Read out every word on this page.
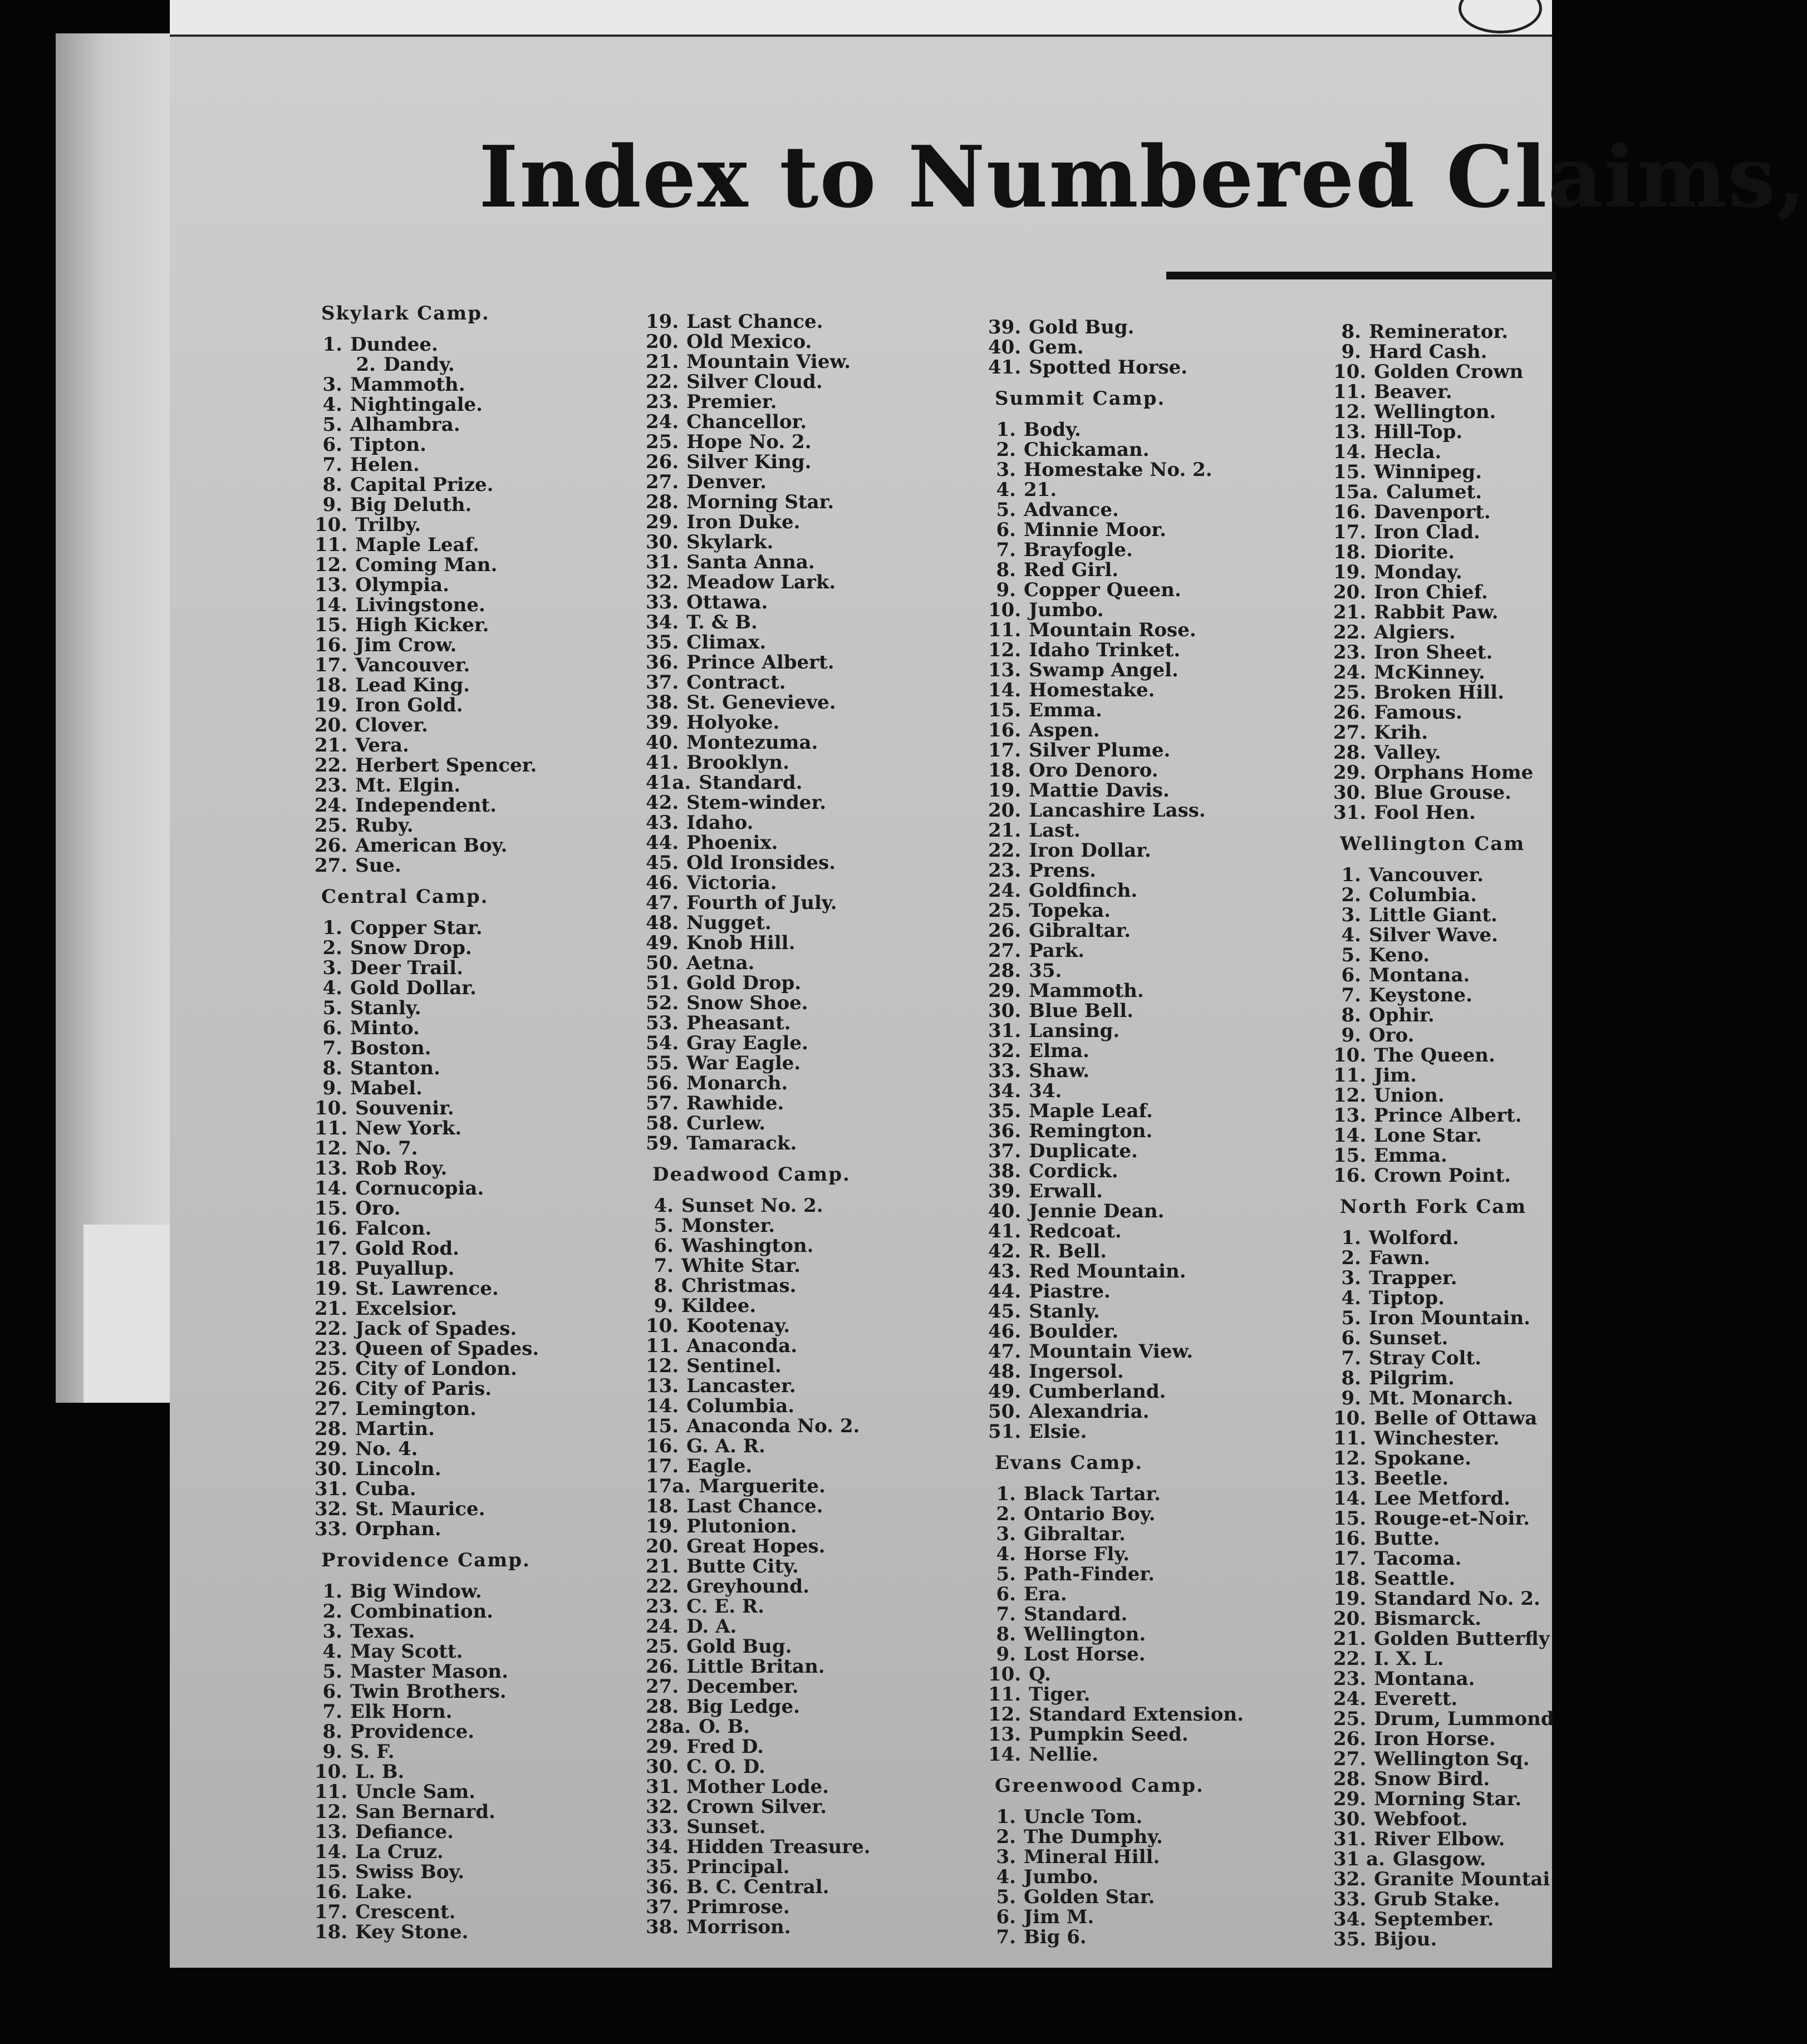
Index to Numbered Claims,
Skylark Camp.
1. Dundee.
2. Dandy.
3. Mammoth.
4. Nightingale.
5. Alhambra.
6. Tipton.
7. Helen.
8. Capital Prize.
9. Big Deluth.
10. Trilby.
11. Maple Leaf.
12. Coming Man.
13. Olympia.
14. Livingstone.
15. High Kicker.
16. Jim Crow.
17. Vancouver.
18. Lead King.
19. Iron Gold.
20. Clover.
21. Vera.
22. Herbert Spencer.
23. Mt. Elgin.
24. Independent.
25. Ruby.
26. American Boy.
27. Sue.
Central Camp.
1. Copper Star.
2. Snow Drop.
3. Deer Trail.
4. Gold Dollar.
5. Stanly.
6. Minto.
7. Boston.
8. Stanton.
9. Mabel.
10. Souvenir.
11. New York.
12. No. 7.
13. Rob Roy.
14. Cornucopia.
15. Oro.
16. Falcon.
17. Gold Rod.
18. Puyallup.
19. St. Lawrence.
21. Excelsior.
22. Jack of Spades.
23. Queen of Spades.
25. City of London.
26. City of Paris.
27. Lemington.
28. Martin.
29. No. 4.
30. Lincoln.
31. Cuba.
32. St. Maurice.
33. Orphan.
Providence Camp.
1. Big Window.
2. Combination.
3. Texas.
4. May Scott.
5. Master Mason.
6. Twin Brothers.
7. Elk Horn.
8. Providence.
9. S. F.
10. L. B.
11. Uncle Sam.
12. San Bernard.
13. Defiance.
14. La Cruz.
15. Swiss Boy.
16. Lake.
17. Crescent.
18. Key Stone.
19. Last Chance.
20. Old Mexico.
21. Mountain View.
22. Silver Cloud.
23. Premier.
24. Chancellor.
25. Hope No. 2.
26. Silver King.
27. Denver.
28. Morning Star.
29. Iron Duke.
30. Skylark.
31. Santa Anna.
32. Meadow Lark.
33. Ottawa.
34. T. & B.
35. Climax.
36. Prince Albert.
37. Contract.
38. St. Genevieve.
39. Holyoke.
40. Montezuma.
41. Brooklyn.
41a. Standard.
42. Stem-winder.
43. Idaho.
44. Phoenix.
45. Old Ironsides.
46. Victoria.
47. Fourth of July.
48. Nugget.
49. Knob Hill.
50. Aetna.
51. Gold Drop.
52. Snow Shoe.
53. Pheasant.
54. Gray Eagle.
55. War Eagle.
56. Monarch.
57. Rawhide.
58. Curlew.
59. Tamarack.
Deadwood Camp.
4. Sunset No. 2.
5. Monster.
6. Washington.
7. White Star.
8. Christmas.
9. Kildee.
10. Kootenay.
11. Anaconda.
12. Sentinel.
13. Lancaster.
14. Columbia.
15. Anaconda No. 2.
16. G. A. R.
17. Eagle.
17a. Marguerite.
18. Last Chance.
19. Plutonion.
20. Great Hopes.
21. Butte City.
22. Greyhound.
23. C. E. R.
24. D. A.
25. Gold Bug.
26. Little Britan.
27. December.
28. Big Ledge.
28a. O. B.
29. Fred D.
30. C. O. D.
31. Mother Lode.
32. Crown Silver.
33. Sunset.
34. Hidden Treasure.
35. Principal.
36. B. C. Central.
37. Primrose.
38. Morrison.
39. Gold Bug.
40. Gem.
41. Spotted Horse.
Summit Camp.
1. Body.
2. Chickaman.
3. Homestake No. 2.
4. 21.
5. Advance.
6. Minnie Moor.
7. Brayfogle.
8. Red Girl.
9. Copper Queen.
10. Jumbo.
11. Mountain Rose.
12. Idaho Trinket.
13. Swamp Angel.
14. Homestake.
15. Emma.
16. Aspen.
17. Silver Plume.
18. Oro Denoro.
19. Mattie Davis.
20. Lancashire Lass.
21. Last.
22. Iron Dollar.
23. Prens.
24. Goldfinch.
25. Topeka.
26. Gibraltar.
27. Park.
28. 35.
29. Mammoth.
30. Blue Bell.
31. Lansing.
32. Elma.
33. Shaw.
34. 34.
35. Maple Leaf.
36. Remington.
37. Duplicate.
38. Cordick.
39. Erwall.
40. Jennie Dean.
41. Redcoat.
42. R. Bell.
43. Red Mountain.
44. Piastre.
45. Stanly.
46. Boulder.
47. Mountain View.
48. Ingersol.
49. Cumberland.
50. Alexandria.
51. Elsie.
Evans Camp.
1. Black Tartar.
2. Ontario Boy.
3. Gibraltar.
4. Horse Fly.
5. Path-Finder.
6. Era.
7. Standard.
8. Wellington.
9. Lost Horse.
10. Q.
11. Tiger.
12. Standard Extension.
13. Pumpkin Seed.
14. Nellie.
Greenwood Camp.
1. Uncle Tom.
2. The Dumphy.
3. Mineral Hill.
4. Jumbo.
5. Golden Star.
6. Jim M.
7. Big 6.
8. Reminerator.
9. Hard Cash.
10. Golden Crown
11. Beaver.
12. Wellington.
13. Hill-Top.
14. Hecla.
15. Winnipeg.
15a. Calumet.
16. Davenport.
17. Iron Clad.
18. Diorite.
19. Monday.
20. Iron Chief.
21. Rabbit Paw.
22. Algiers.
23. Iron Sheet.
24. McKinney.
25. Broken Hill.
26. Famous.
27. Krih.
28. Valley.
29. Orphans Home
30. Blue Grouse.
31. Fool Hen.
Wellington Cam
1. Vancouver.
2. Columbia.
3. Little Giant.
4. Silver Wave.
5. Keno.
6. Montana.
7. Keystone.
8. Ophir.
9. Oro.
10. The Queen.
11. Jim.
12. Union.
13. Prince Albert.
14. Lone Star.
15. Emma.
16. Crown Point.
North Fork Cam
1. Wolford.
2. Fawn.
3. Trapper.
4. Tiptop.
5. Iron Mountain.
6. Sunset.
7. Stray Colt.
8. Pilgrim.
9. Mt. Monarch.
10. Belle of Ottawa
11. Winchester.
12. Spokane.
13. Beetle.
14. Lee Metford.
15. Rouge-et-Noir.
16. Butte.
17. Tacoma.
18. Seattle.
19. Standard No. 2.
20. Bismarck.
21. Golden Butterfly
22. I. X. L.
23. Montana.
24. Everett.
25. Drum, Lummond
26. Iron Horse.
27. Wellington Sq.
28. Snow Bird.
29. Morning Star.
30. Webfoot.
31. River Elbow.
31 a. Glasgow.
32. Granite Mountai
33. Grub Stake.
34. September.
35. Bijou.
